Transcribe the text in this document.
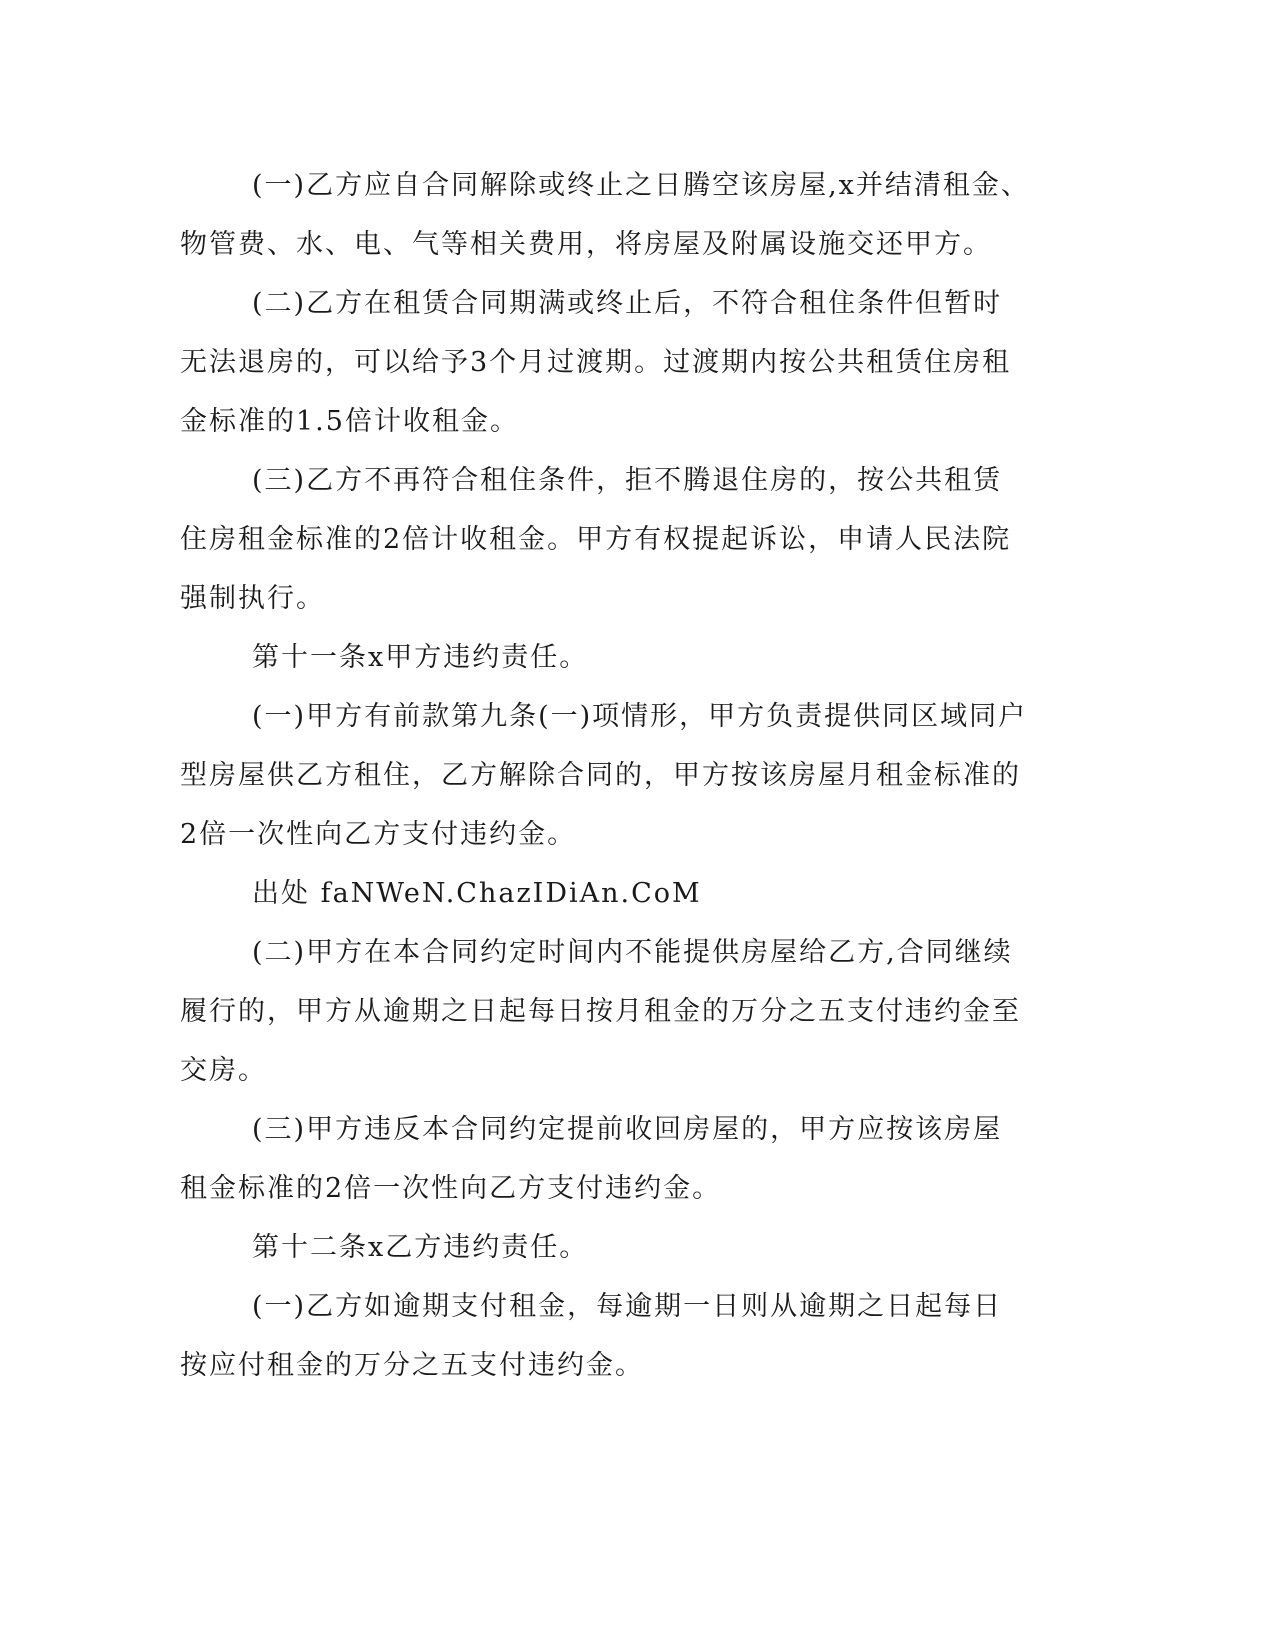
(一)乙方应自合同解除或终止之日腾空该房屋,x并结清租金、物管费、水、电、气等相关费用，将房屋及附属设施交还甲方。

(二)乙方在租赁合同期满或终止后，不符合租住条件但暂时无法退房的，可以给予3个月过渡期。过渡期内按公共租赁住房租金标准的1.5倍计收租金。

(三)乙方不再符合租住条件，拒不腾退住房的，按公共租赁住房租金标准的2倍计收租金。甲方有权提起诉讼，申请人民法院强制执行。

第十一条x甲方违约责任。

(一)甲方有前款第九条(一)项情形，甲方负责提供同区域同户型房屋供乙方租住，乙方解除合同的，甲方按该房屋月租金标准的2倍一次性向乙方支付违约金。

出处 faNWeN.ChazIDiAn.CoM

(二)甲方在本合同约定时间内不能提供房屋给乙方,合同继续履行的，甲方从逾期之日起每日按月租金的万分之五支付违约金至交房。

(三)甲方违反本合同约定提前收回房屋的，甲方应按该房屋租金标准的2倍一次性向乙方支付违约金。

第十二条x乙方违约责任。

(一)乙方如逾期支付租金，每逾期一日则从逾期之日起每日按应付租金的万分之五支付违约金。
